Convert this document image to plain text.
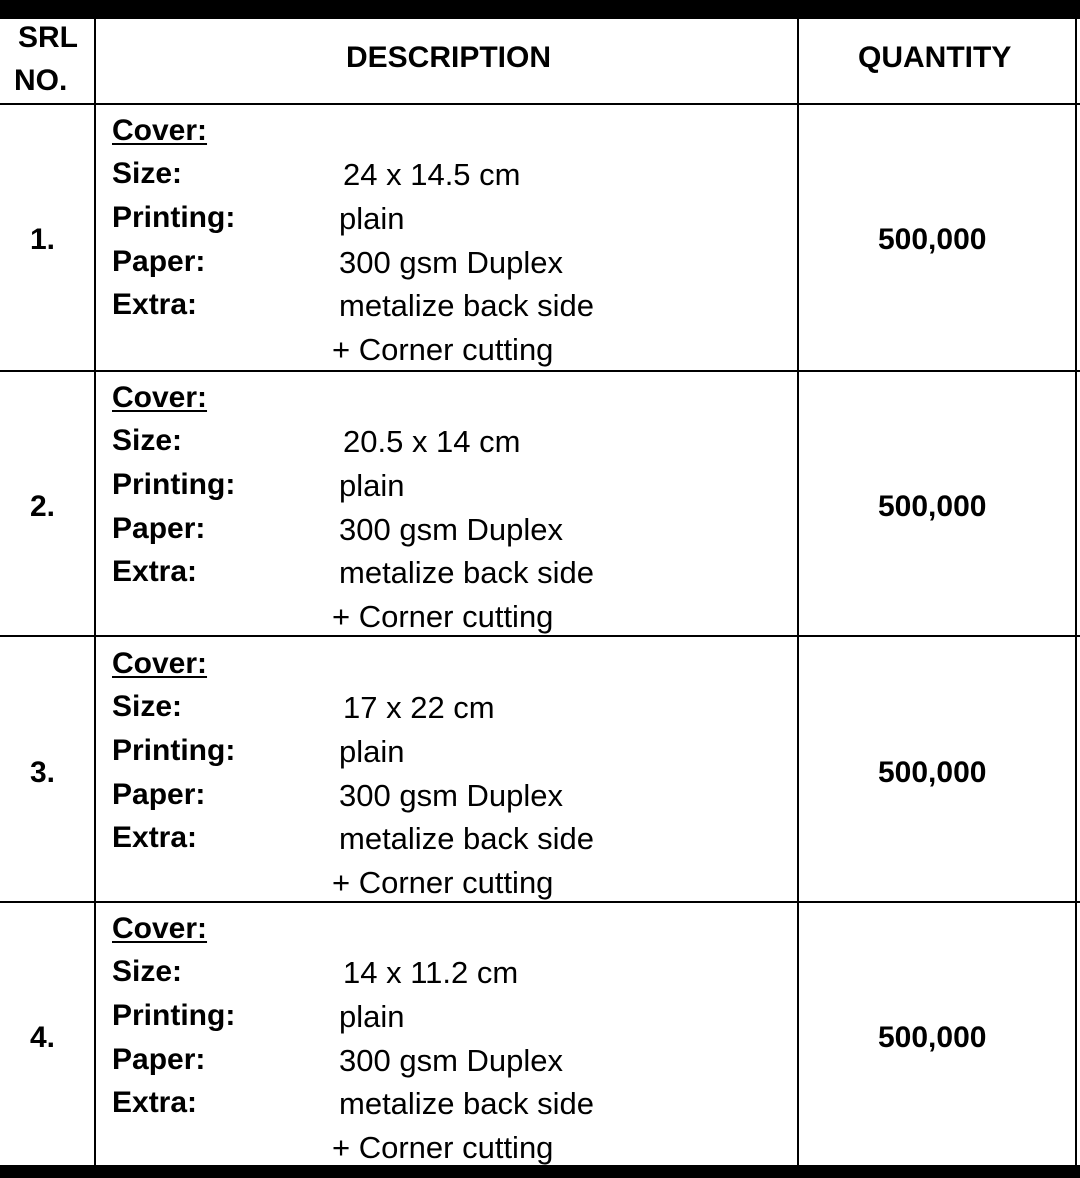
SRL
NO.
DESCRIPTION	QUANTITY
1.
Cover:
Size:
Printing:
Paper:
Extra:
24 x 14.5 cm
plain
300 gsm Duplex
metalize back side
+ Corner cutting
500,000
2.
Cover:
Size:
Printing:
Paper:
Extra:
20.5 x 14 cm
plain
300 gsm Duplex
metalize back side
+ Corner cutting
500,000
3.
Cover:
Size:
Printing:
Paper:
Extra:
17 x 22 cm
plain
300 gsm Duplex
metalize back side
+ Corner cutting
500,000
4.
Cover:
Size:
Printing:
Paper:
Extra:
14 x 11.2 cm
plain
300 gsm Duplex
metalize back side
+ Corner cutting
500,000
